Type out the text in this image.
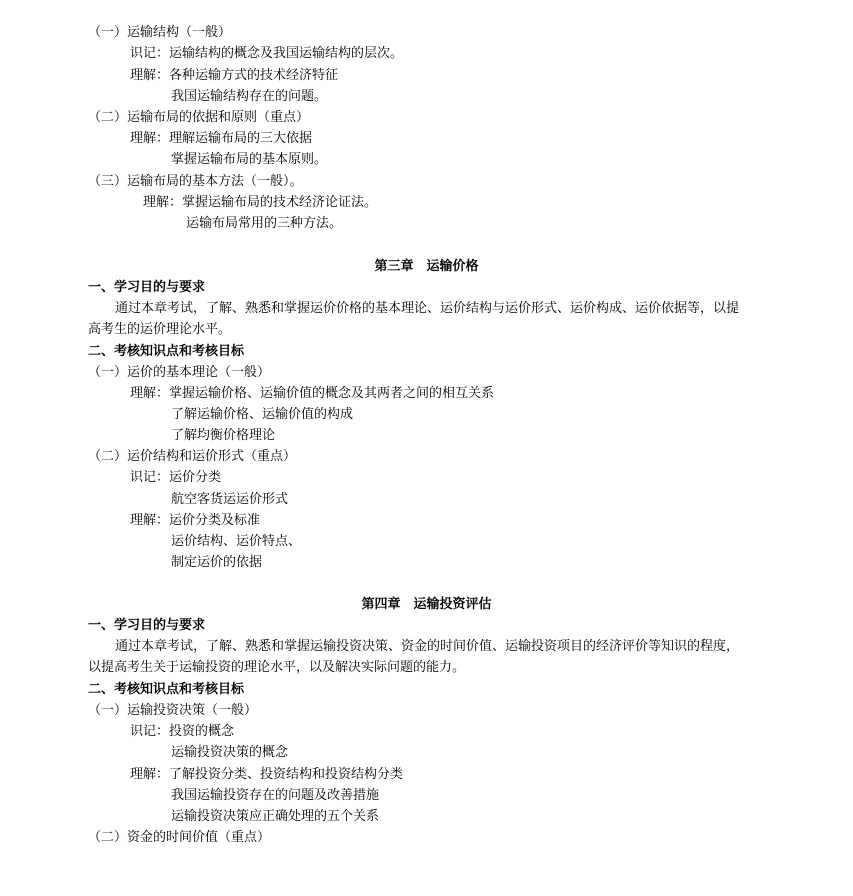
（一）运输结构（一般）
识记：运输结构的概念及我国运输结构的层次。
理解：各种运输方式的技术经济特征
我国运输结构存在的问题。
（二）运输布局的依据和原则（重点）
理解：理解运输布局的三大依据
掌握运输布局的基本原则。
（三）运输布局的基本方法（一般）。
理解：掌握运输布局的技术经济论证法。
运输布局常用的三种方法。
第三章　运输价格
一、学习目的与要求
通过本章考试，了解、熟悉和掌握运价价格的基本理论、运价结构与运价形式、运价构成、运价依据等，以提
高考生的运价理论水平。
二、考核知识点和考核目标
（一）运价的基本理论（一般）
理解：掌握运输价格、运输价值的概念及其两者之间的相互关系
了解运输价格、运输价值的构成
了解均衡价格理论
（二）运价结构和运价形式（重点）
识记：运价分类
航空客货运运价形式
理解：运价分类及标准
运价结构、运价特点、
制定运价的依据
第四章　运输投资评估
一、学习目的与要求
通过本章考试，了解、熟悉和掌握运输投资决策、资金的时间价值、运输投资项目的经济评价等知识的程度，
以提高考生关于运输投资的理论水平，以及解决实际问题的能力。
二、考核知识点和考核目标
（一）运输投资决策（一般）
识记：投资的概念
运输投资决策的概念
理解：了解投资分类、投资结构和投资结构分类
我国运输投资存在的问题及改善措施
运输投资决策应正确处理的五个关系
（二）资金的时间价值（重点）
